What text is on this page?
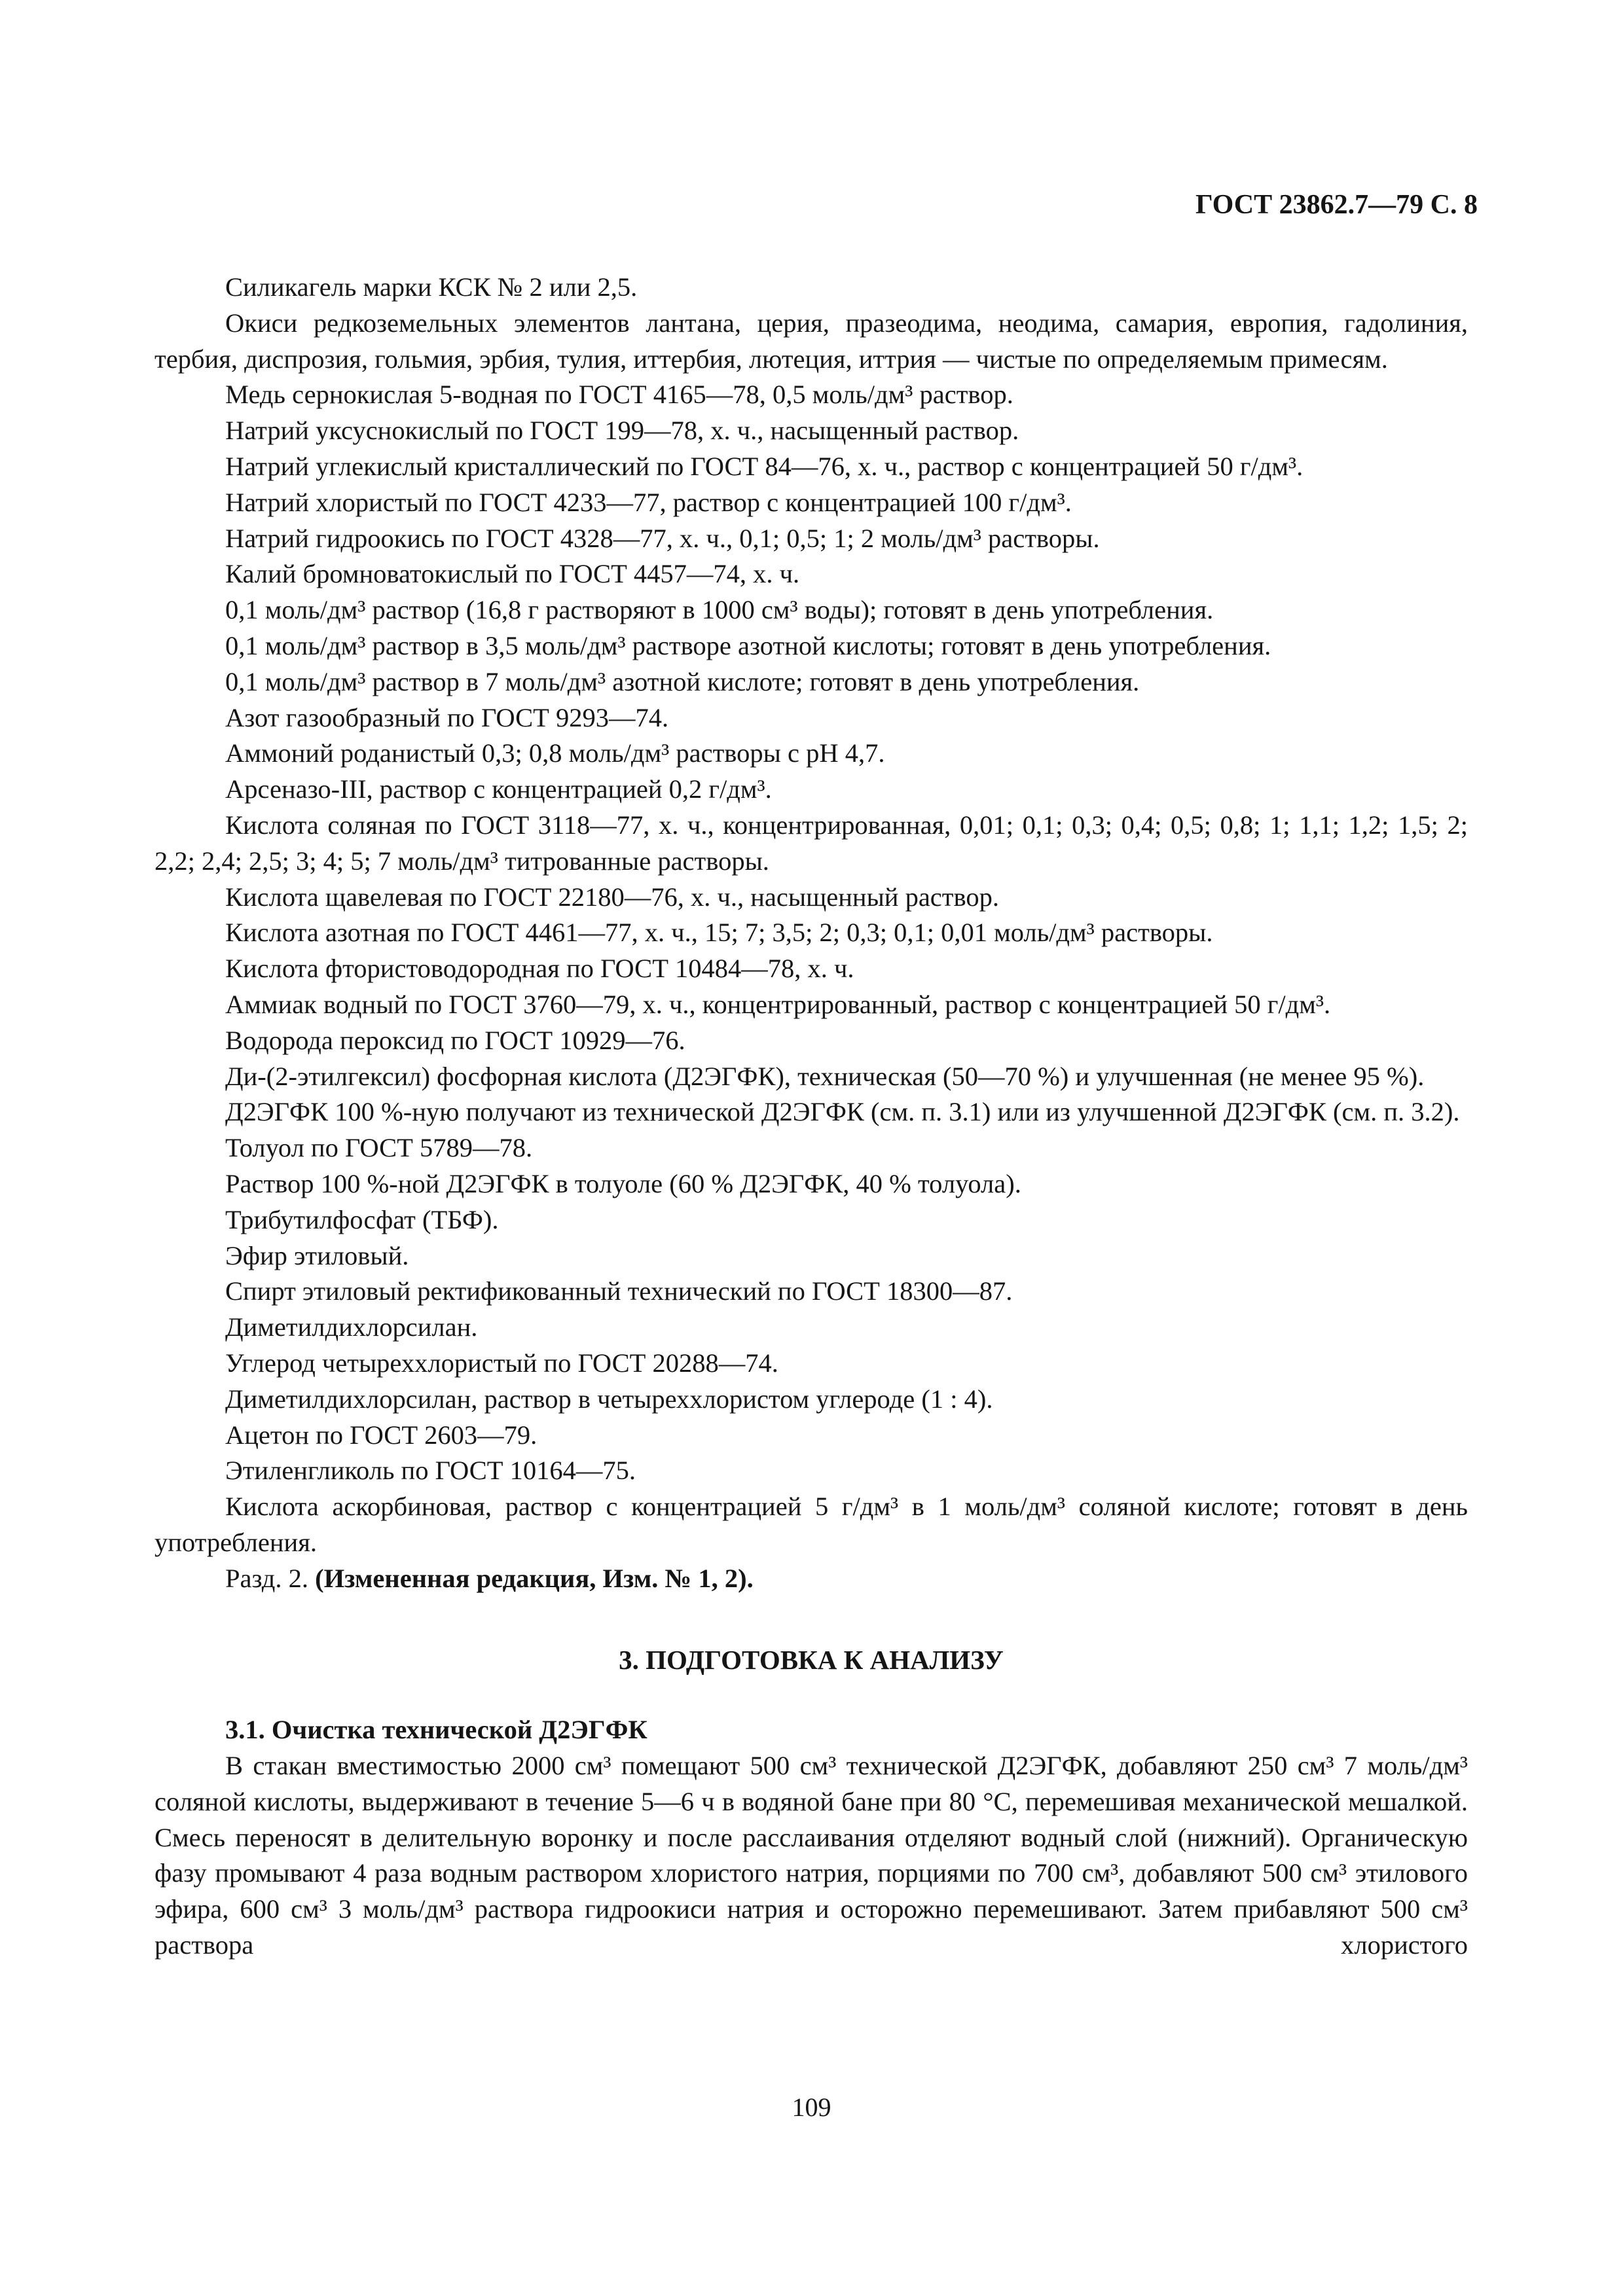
ГОСТ 23862.7—79 С. 8

Силикагель марки КСК № 2 или 2,5.

Окиси редкоземельных элементов лантана, церия, празеодима, неодима, самария, европия, гадолиния, тербия, диспрозия, гольмия, эрбия, тулия, иттербия, лютеция, иттрия — чистые по определяемым примесям.

Медь сернокислая 5-водная по ГОСТ 4165—78, 0,5 моль/дм³ раствор.

Натрий уксуснокислый по ГОСТ 199—78, х. ч., насыщенный раствор.

Натрий углекислый кристаллический по ГОСТ 84—76, х. ч., раствор с концентрацией 50 г/дм³.

Натрий хлористый по ГОСТ 4233—77, раствор с концентрацией 100 г/дм³.

Натрий гидроокись по ГОСТ 4328—77, х. ч., 0,1; 0,5; 1; 2 моль/дм³ растворы.

Калий бромноватокислый по ГОСТ 4457—74, х. ч.

0,1 моль/дм³ раствор (16,8 г растворяют в 1000 см³ воды); готовят в день употребления.

0,1 моль/дм³ раствор в 3,5 моль/дм³ растворе азотной кислоты; готовят в день употребления.

0,1 моль/дм³ раствор в 7 моль/дм³ азотной кислоте; готовят в день употребления.

Азот газообразный по ГОСТ 9293—74.

Аммоний роданистый 0,3; 0,8 моль/дм³ растворы с рН 4,7.

Арсеназо-III, раствор с концентрацией 0,2 г/дм³.

Кислота соляная по ГОСТ 3118—77, х. ч., концентрированная, 0,01; 0,1; 0,3; 0,4; 0,5; 0,8; 1; 1,1; 1,2; 1,5; 2; 2,2; 2,4; 2,5; 3; 4; 5; 7 моль/дм³ титрованные растворы.

Кислота щавелевая по ГОСТ 22180—76, х. ч., насыщенный раствор.

Кислота азотная по ГОСТ 4461—77, х. ч., 15; 7; 3,5; 2; 0,3; 0,1; 0,01 моль/дм³ растворы.

Кислота фтористоводородная по ГОСТ 10484—78, х. ч.

Аммиак водный по ГОСТ 3760—79, х. ч., концентрированный, раствор с концентрацией 50 г/дм³.

Водорода пероксид по ГОСТ 10929—76.

Ди-(2-этилгексил) фосфорная кислота (Д2ЭГФК), техническая (50—70 %) и улучшенная (не менее 95 %).

Д2ЭГФК 100 %-ную получают из технической Д2ЭГФК (см. п. 3.1) или из улучшенной Д2ЭГФК (см. п. 3.2).

Толуол по ГОСТ 5789—78.

Раствор 100 %-ной Д2ЭГФК в толуоле (60 % Д2ЭГФК, 40 % толуола).

Трибутилфосфат (ТБФ).

Эфир этиловый.

Спирт этиловый ректификованный технический по ГОСТ 18300—87.

Диметилдихлорсилан.

Углерод четыреххлористый по ГОСТ 20288—74.

Диметилдихлорсилан, раствор в четыреххлористом углероде (1 : 4).

Ацетон по ГОСТ 2603—79.

Этиленгликоль по ГОСТ 10164—75.

Кислота аскорбиновая, раствор с концентрацией 5 г/дм³ в 1 моль/дм³ соляной кислоте; готовят в день употребления.

Разд. 2. (Измененная редакция, Изм. № 1, 2).

3. ПОДГОТОВКА К АНАЛИЗУ
3.1. Очистка технической Д2ЭГФК

В стакан вместимостью 2000 см³ помещают 500 см³ технической Д2ЭГФК, добавляют 250 см³ 7 моль/дм³ соляной кислоты, выдерживают в течение 5—6 ч в водяной бане при 80 °С, перемешивая механической мешалкой. Смесь переносят в делительную воронку и после расслаивания отделяют водный слой (нижний). Органическую фазу промывают 4 раза водным раствором хлористого натрия, порциями по 700 см³, добавляют 500 см³ этилового эфира, 600 см³ 3 моль/дм³ раствора гидроокиси натрия и осторожно перемешивают. Затем прибавляют 500 см³ раствора хлористого

109
